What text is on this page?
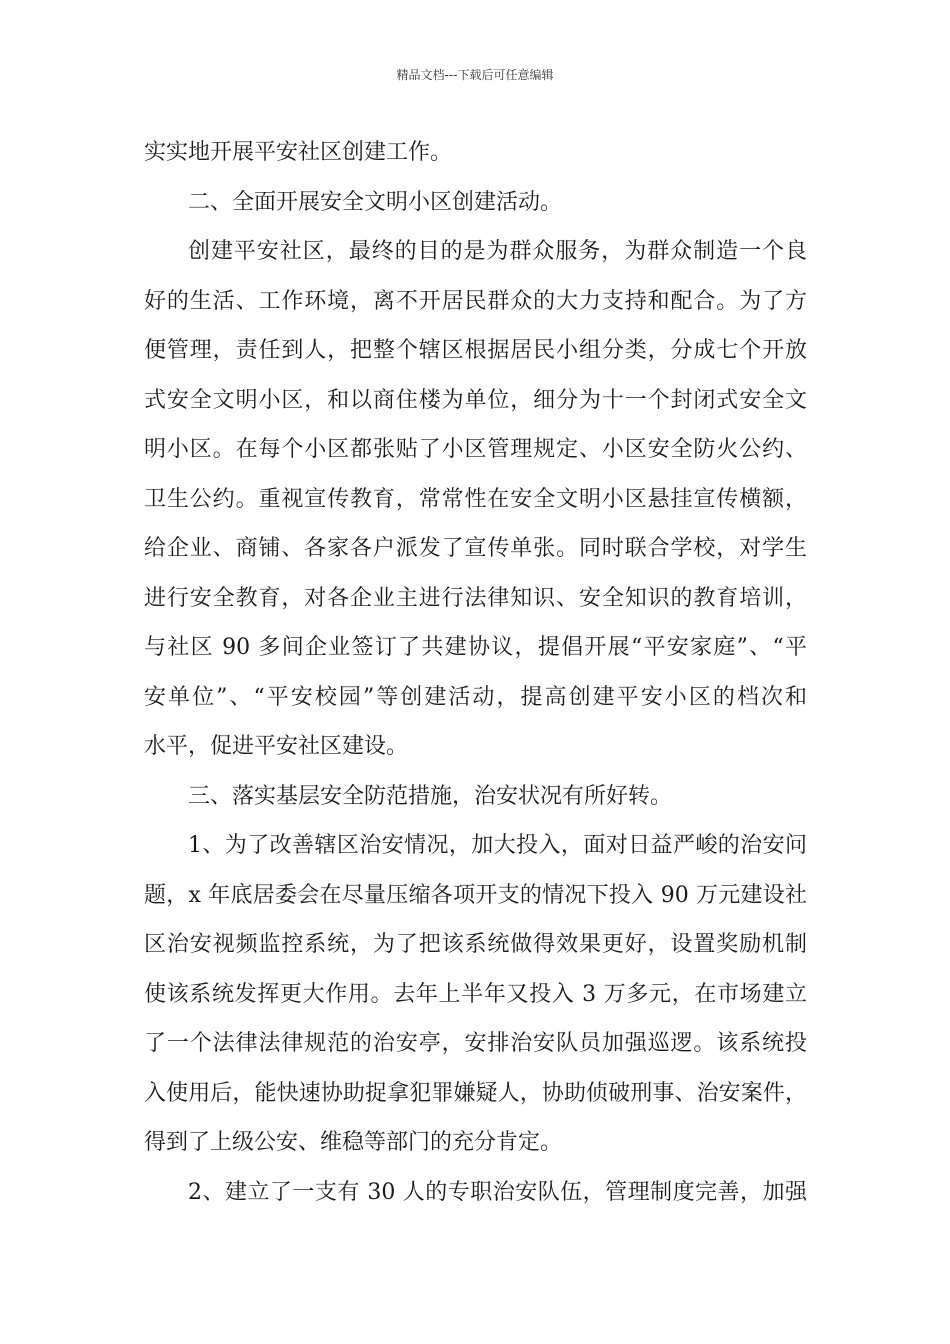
精品文档---下载后可任意编辑
实实地开展平安社区创建工作。
二、全面开展安全文明小区创建活动。
创建平安社区，最终的目的是为群众服务，为群众制造一个良
好的生活、工作环境，离不开居民群众的大力支持和配合。为了方
便管理，责任到人，把整个辖区根据居民小组分类，分成七个开放
式安全文明小区，和以商住楼为单位，细分为十一个封闭式安全文
明小区。在每个小区都张贴了小区管理规定、小区安全防火公约、
卫生公约。重视宣传教育，常常性在安全文明小区悬挂宣传横额，
给企业、商铺、各家各户派发了宣传单张。同时联合学校，对学生
进行安全教育，对各企业主进行法律知识、安全知识的教育培训，
与社区 90 多间企业签订了共建协议，提倡开展“平安家庭”、“平
安单位”、“平安校园”等创建活动，提高创建平安小区的档次和
水平，促进平安社区建设。
三、落实基层安全防范措施，治安状况有所好转。
1、为了改善辖区治安情况，加大投入，面对日益严峻的治安问
题，x 年底居委会在尽量压缩各项开支的情况下投入 90 万元建设社
区治安视频监控系统，为了把该系统做得效果更好，设置奖励机制
使该系统发挥更大作用。去年上半年又投入 3 万多元，在市场建立
了一个法律法律规范的治安亭，安排治安队员加强巡逻。该系统投
入使用后，能快速协助捉拿犯罪嫌疑人，协助侦破刑事、治安案件，
得到了上级公安、维稳等部门的充分肯定。
2、建立了一支有 30 人的专职治安队伍，管理制度完善，加强
